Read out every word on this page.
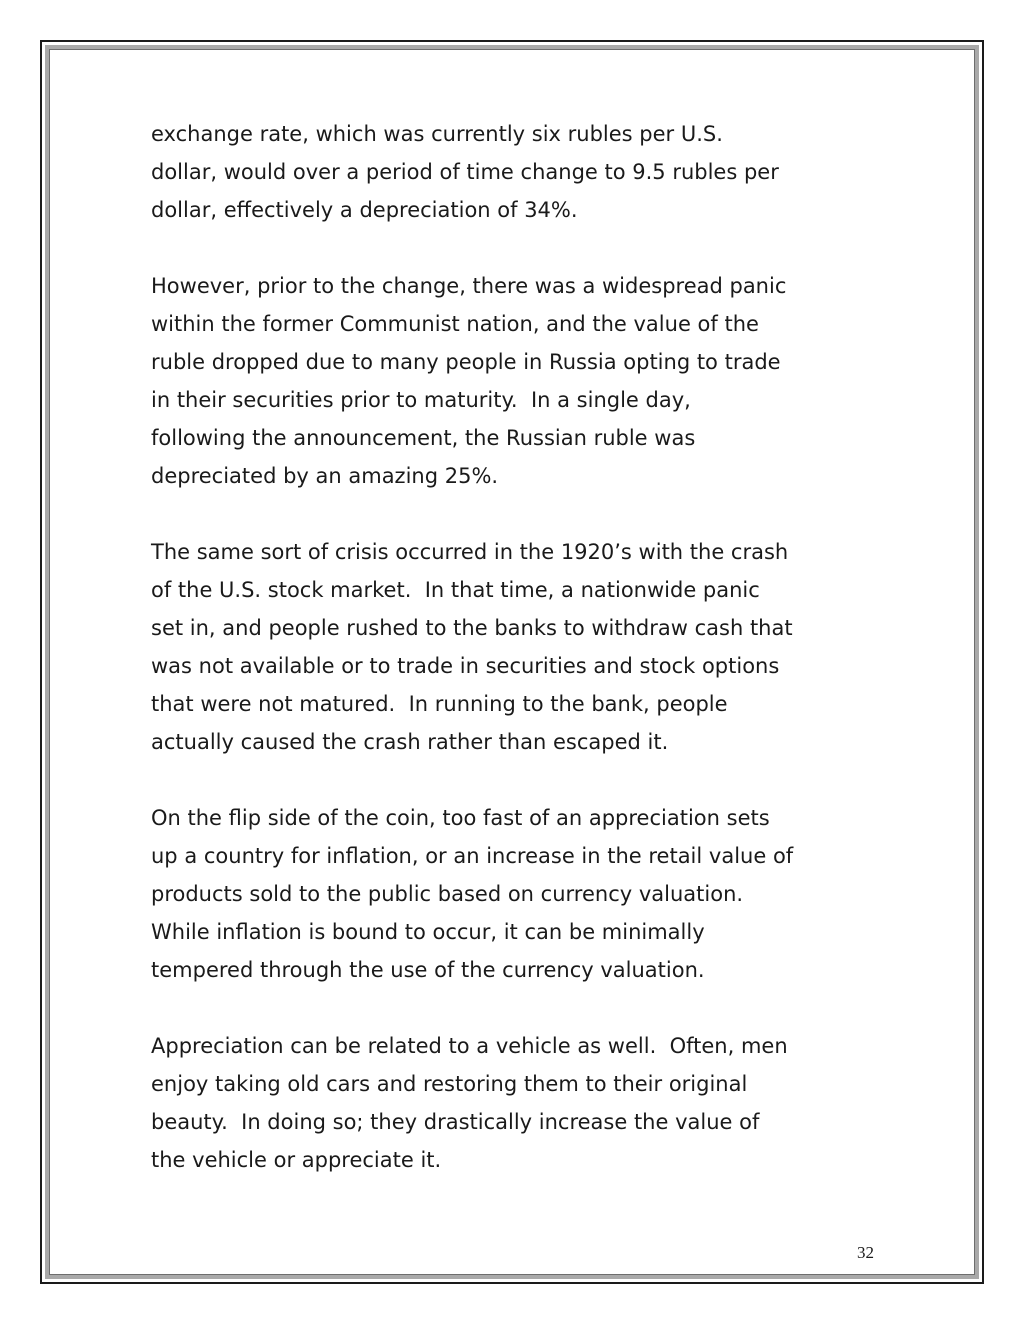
exchange rate, which was currently six rubles per U.S.
dollar, would over a period of time change to 9.5 rubles per
dollar, effectively a depreciation of 34%.

However, prior to the change, there was a widespread panic
within the former Communist nation, and the value of the
ruble dropped due to many people in Russia opting to trade
in their securities prior to maturity.  In a single day,
following the announcement, the Russian ruble was
depreciated by an amazing 25%.

The same sort of crisis occurred in the 1920’s with the crash
of the U.S. stock market.  In that time, a nationwide panic
set in, and people rushed to the banks to withdraw cash that
was not available or to trade in securities and stock options
that were not matured.  In running to the bank, people
actually caused the crash rather than escaped it.

On the flip side of the coin, too fast of an appreciation sets
up a country for inflation, or an increase in the retail value of
products sold to the public based on currency valuation.
While inflation is bound to occur, it can be minimally
tempered through the use of the currency valuation.

Appreciation can be related to a vehicle as well.  Often, men
enjoy taking old cars and restoring them to their original
beauty.  In doing so; they drastically increase the value of
the vehicle or appreciate it.

32
